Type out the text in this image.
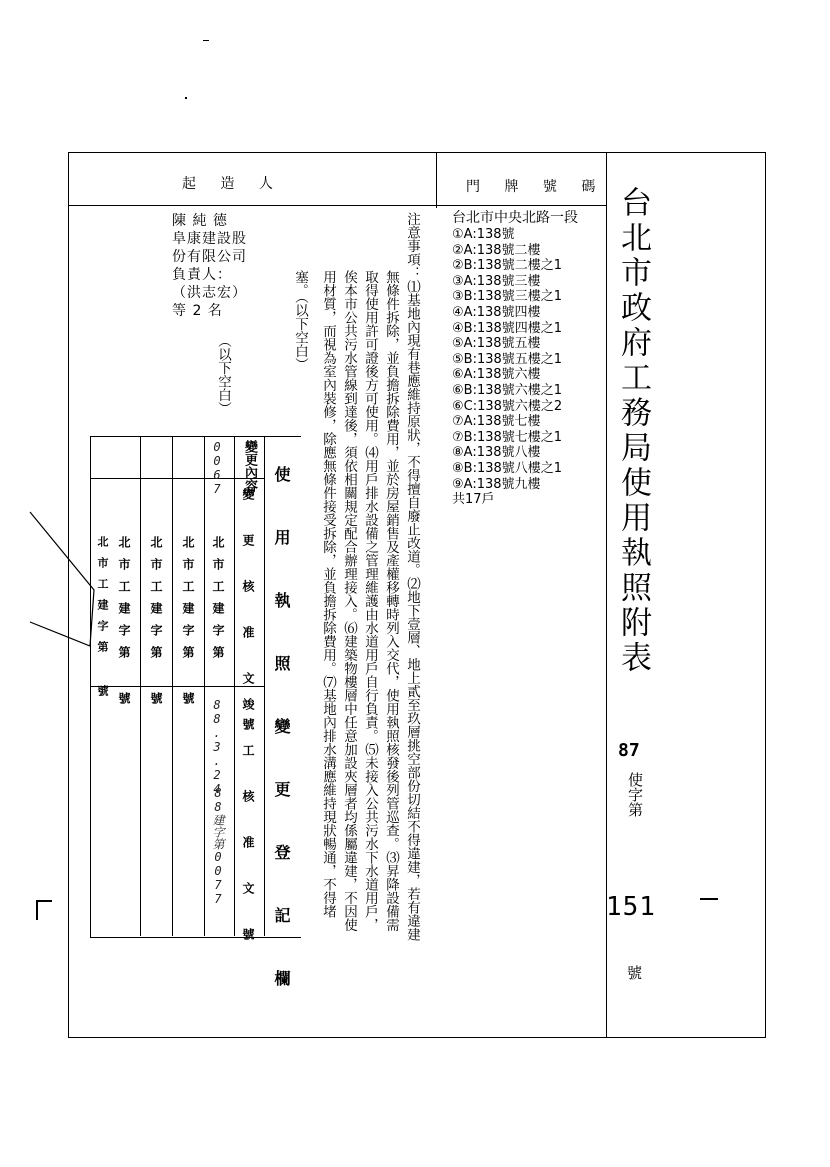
起 造 人	門 牌 號 碼 台北市政府工務局使用執照附表
87
使字第
151
號
台北市中央北路一段
①A:138號
②A:138號二樓
②B:138號二樓之1
③A:138號三樓
③B:138號三樓之1
④A:138號四樓
④B:138號四樓之1
⑤A:138號五樓
⑤B:138號五樓之1
⑥A:138號六樓
⑥B:138號六樓之1
⑥C:138號六樓之2
⑦A:138號七樓
⑦B:138號七樓之1
⑧A:138號八樓
⑧B:138號八樓之1
⑨A:138號九樓
共17戶
注意事項：⑴基地內現有巷應維持原狀，不得擅自廢止改道。⑵地下壹層、地上貳至玖層挑空部份切結不得違建，若有違建
無條件拆除，並負擔拆除費用，並於房屋銷售及產權移轉時列入交代，使用執照核發後列管巡查。⑶昇降設備需
取得使用許可證後方可使用。⑷用戶排水設備之管理維護由水道用戶自行負責。⑸未接入公共污水下水道用戶，
俟本市公共污水管線到達後，須依相關規定配合辦理接入。⑹建築物樓層中任意加設夾層者均係屬違建，不因使
用材質，而視為室內裝修，除應無條件接受拆除，並負擔拆除費用。⑺基地內排水溝應維持現狀暢通，不得堵
塞。（以下空白）
陳 純 德
阜康建設股
份有限公司
負責人：
（洪志宏）
等 2 名
（以下空白）
使 用 執 照 變 更 登 記 欄
變更內容
變 更 核 准 文 號
竣 工 核 准 文 號
0067
北市工建字第
88.3.24
88建字第0077
北市工建字第 號
北市工建字第 號
北市工建字第 號
北市工建字第 號
